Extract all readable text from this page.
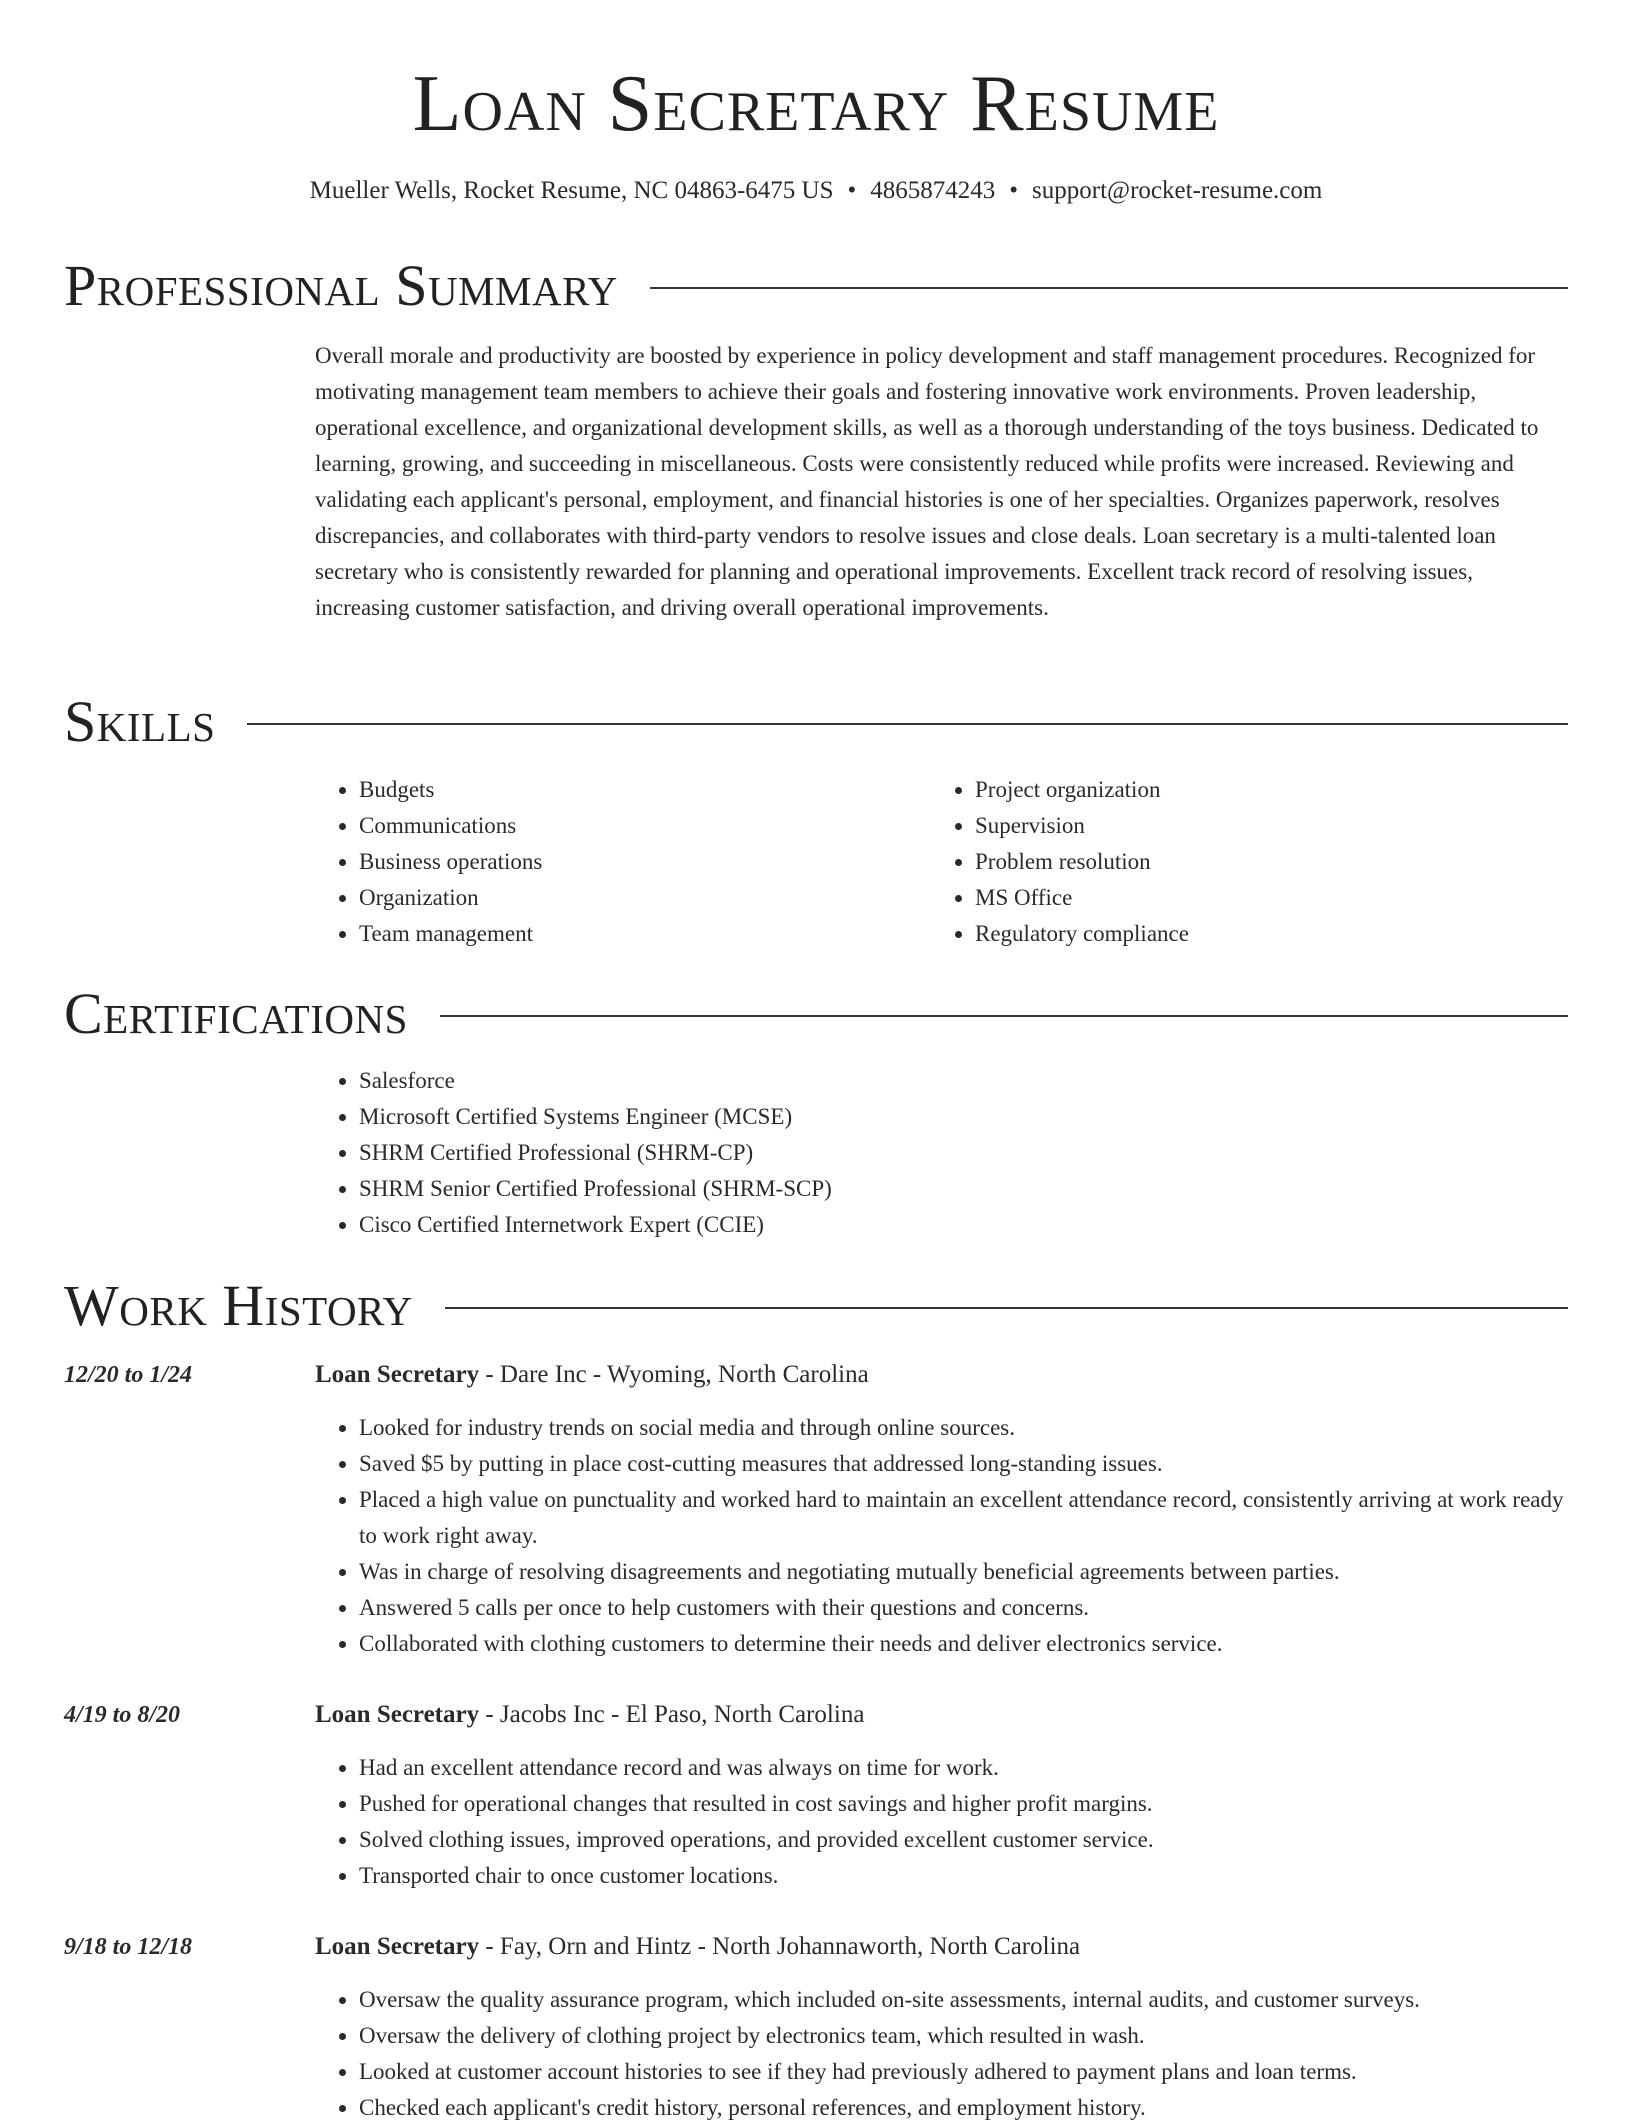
Loan Secretary Resume
Mueller Wells, Rocket Resume, NC 04863-6475 US • 4865874243 • support@rocket-resume.com
Professional Summary

Overall morale and productivity are boosted by experience in policy development and staff management procedures. Recognized for motivating management team members to achieve their goals and fostering innovative work environments. Proven leadership, operational excellence, and organizational development skills, as well as a thorough understanding of the toys business. Dedicated to learning, growing, and succeeding in miscellaneous. Costs were consistently reduced while profits were increased. Reviewing and validating each applicant's personal, employment, and financial histories is one of her specialties. Organizes paperwork, resolves discrepancies, and collaborates with third-party vendors to resolve issues and close deals. Loan secretary is a multi-talented loan secretary who is consistently rewarded for planning and operational improvements. Excellent track record of resolving issues, increasing customer satisfaction, and driving overall operational improvements.

Skills
• Budgets
• Communications
• Business operations
• Organization
• Team management
• Project organization
• Supervision
• Problem resolution
• MS Office
• Regulatory compliance
Certifications
• Salesforce
• Microsoft Certified Systems Engineer (MCSE)
• SHRM Certified Professional (SHRM-CP)
• SHRM Senior Certified Professional (SHRM-SCP)
• Cisco Certified Internetwork Expert (CCIE)
Work History
12/20 to 1/24	Loan Secretary - Dare Inc - Wyoming, North Carolina
• Looked for industry trends on social media and through online sources.
• Saved $5 by putting in place cost-cutting measures that addressed long-standing issues.
• Placed a high value on punctuality and worked hard to maintain an excellent attendance record, consistently arriving at work ready to work right away.
• Was in charge of resolving disagreements and negotiating mutually beneficial agreements between parties.
• Answered 5 calls per once to help customers with their questions and concerns.
• Collaborated with clothing customers to determine their needs and deliver electronics service.
4/19 to 8/20	Loan Secretary - Jacobs Inc - El Paso, North Carolina
• Had an excellent attendance record and was always on time for work.
• Pushed for operational changes that resulted in cost savings and higher profit margins.
• Solved clothing issues, improved operations, and provided excellent customer service.
• Transported chair to once customer locations.
9/18 to 12/18	Loan Secretary - Fay, Orn and Hintz - North Johannaworth, North Carolina
• Oversaw the quality assurance program, which included on-site assessments, internal audits, and customer surveys.
• Oversaw the delivery of clothing project by electronics team, which resulted in wash.
• Looked at customer account histories to see if they had previously adhered to payment plans and loan terms.
• Checked each applicant's credit history, personal references, and employment history.
